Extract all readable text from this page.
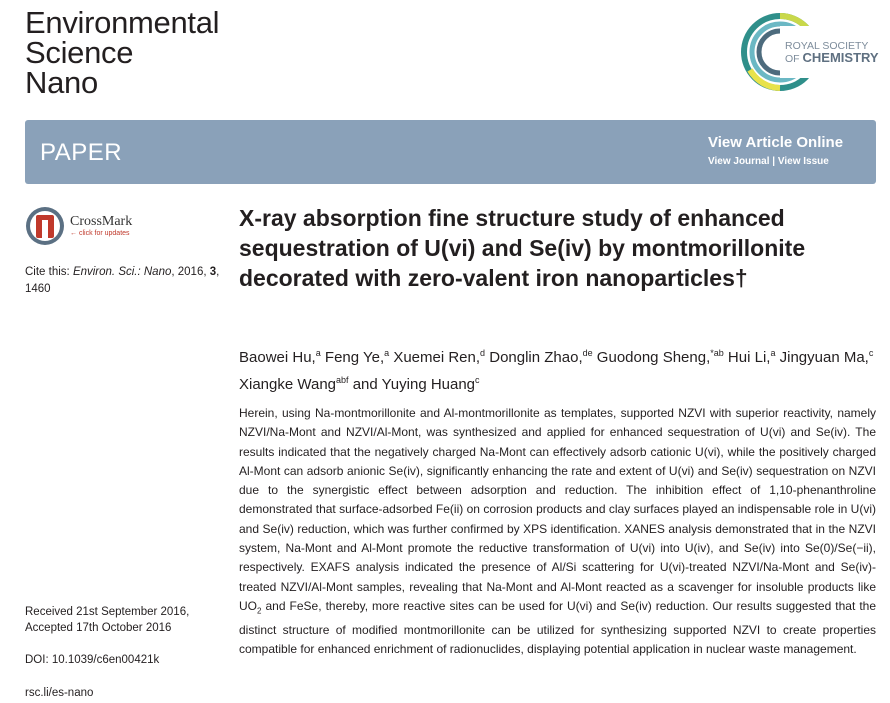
Environmental
Science
Nano
ROYAL SOCIETY
OF CHEMISTRY
PAPER	View Article Online
View Journal | View Issue
CrossMark
← click for updates
Cite this: Environ. Sci.: Nano, 2016, 3, 1460
Received 21st September 2016,
Accepted 17th October 2016
DOI: 10.1039/c6en00421k
rsc.li/es-nano
X-ray absorption fine structure study of enhanced sequestration of U(vi) and Se(iv) by montmorillonite decorated with zero-valent iron nanoparticles†
Baowei Hu,$^a$ Feng Ye,$^a$ Xuemei Ren,$^d$ Donglin Zhao,$^{de}$ Guodong Sheng,$^{*ab}$ Hui Li,$^a$ Jingyuan Ma,$^c$ Xiangke Wang$^{abf}$ and Yuying Huang$^c$
Herein, using Na-montmorillonite and Al-montmorillonite as templates, supported NZVI with superior reactivity, namely NZVI/Na-Mont and NZVI/Al-Mont, was synthesized and applied for enhanced sequestration of U(vi) and Se(iv). The results indicated that the negatively charged Na-Mont can effectively adsorb cationic U(vi), while the positively charged Al-Mont can adsorb anionic Se(iv), significantly enhancing the rate and extent of U(vi) and Se(iv) sequestration on NZVI due to the synergistic effect between adsorption and reduction. The inhibition effect of 1,10-phenanthroline demonstrated that surface-adsorbed Fe(ii) on corrosion products and clay surfaces played an indispensable role in U(vi) and Se(iv) reduction, which was further confirmed by XPS identification. XANES analysis demonstrated that in the NZVI system, Na-Mont and Al-Mont promote the reductive transformation of U(vi) into U(iv), and Se(iv) into Se(0)/Se(−ii), respectively. EXAFS analysis indicated the presence of Al/Si scattering for U(vi)-treated NZVI/Na-Mont and Se(iv)-treated NZVI/Al-Mont samples, revealing that Na-Mont and Al-Mont reacted as a scavenger for insoluble products like $UO_2$ and FeSe, thereby, more reactive sites can be used for U(vi) and Se(iv) reduction. Our results suggested that the distinct structure of modified montmorillonite can be utilized for synthesizing supported NZVI to create properties compatible for enhanced enrichment of radionuclides, displaying potential application in nuclear waste management.
